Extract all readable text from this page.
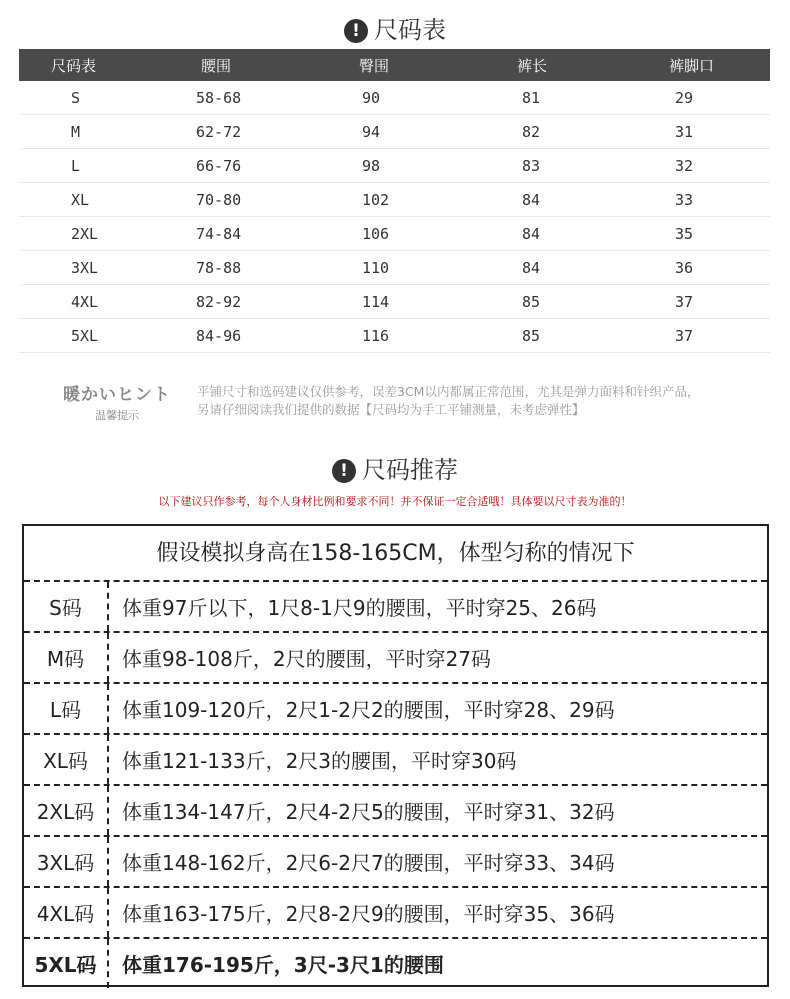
! 尺码表
尺码表	腰围	臀围	裤长	裤脚口
S	58-68	90	81	29
M	62-72	94	82	31
L	66-76	98	83	32
XL	70-80	102	84	33
2XL	74-84	106	84	35
3XL	78-88	110	84	36
4XL	82-92	114	85	37
5XL	84-96	116	85	37
暖かいヒント
温馨提示
平铺尺寸和选码建议仅供参考，误差3CM以内都属正常范围，尤其是弹力面料和针织产品，
另请仔细阅读我们提供的数据【尺码均为手工平铺测量，未考虑弹性】
! 尺码推荐
以下建议只作参考，每个人身材比例和要求不同！并不保证一定合适哦！具体要以尺寸表为准的！
假设模拟身高在158-165CM，体型匀称的情况下
S码	体重97斤以下，1尺8-1尺9的腰围，平时穿25、26码
M码	体重98-108斤，2尺的腰围，平时穿27码
L码	体重109-120斤，2尺1-2尺2的腰围，平时穿28、29码
XL码	体重121-133斤，2尺3的腰围，平时穿30码
2XL码	体重134-147斤，2尺4-2尺5的腰围，平时穿31、32码
3XL码	体重148-162斤，2尺6-2尺7的腰围，平时穿33、34码
4XL码	体重163-175斤，2尺8-2尺9的腰围，平时穿35、36码
5XL码	体重176-195斤，3尺-3尺1的腰围
